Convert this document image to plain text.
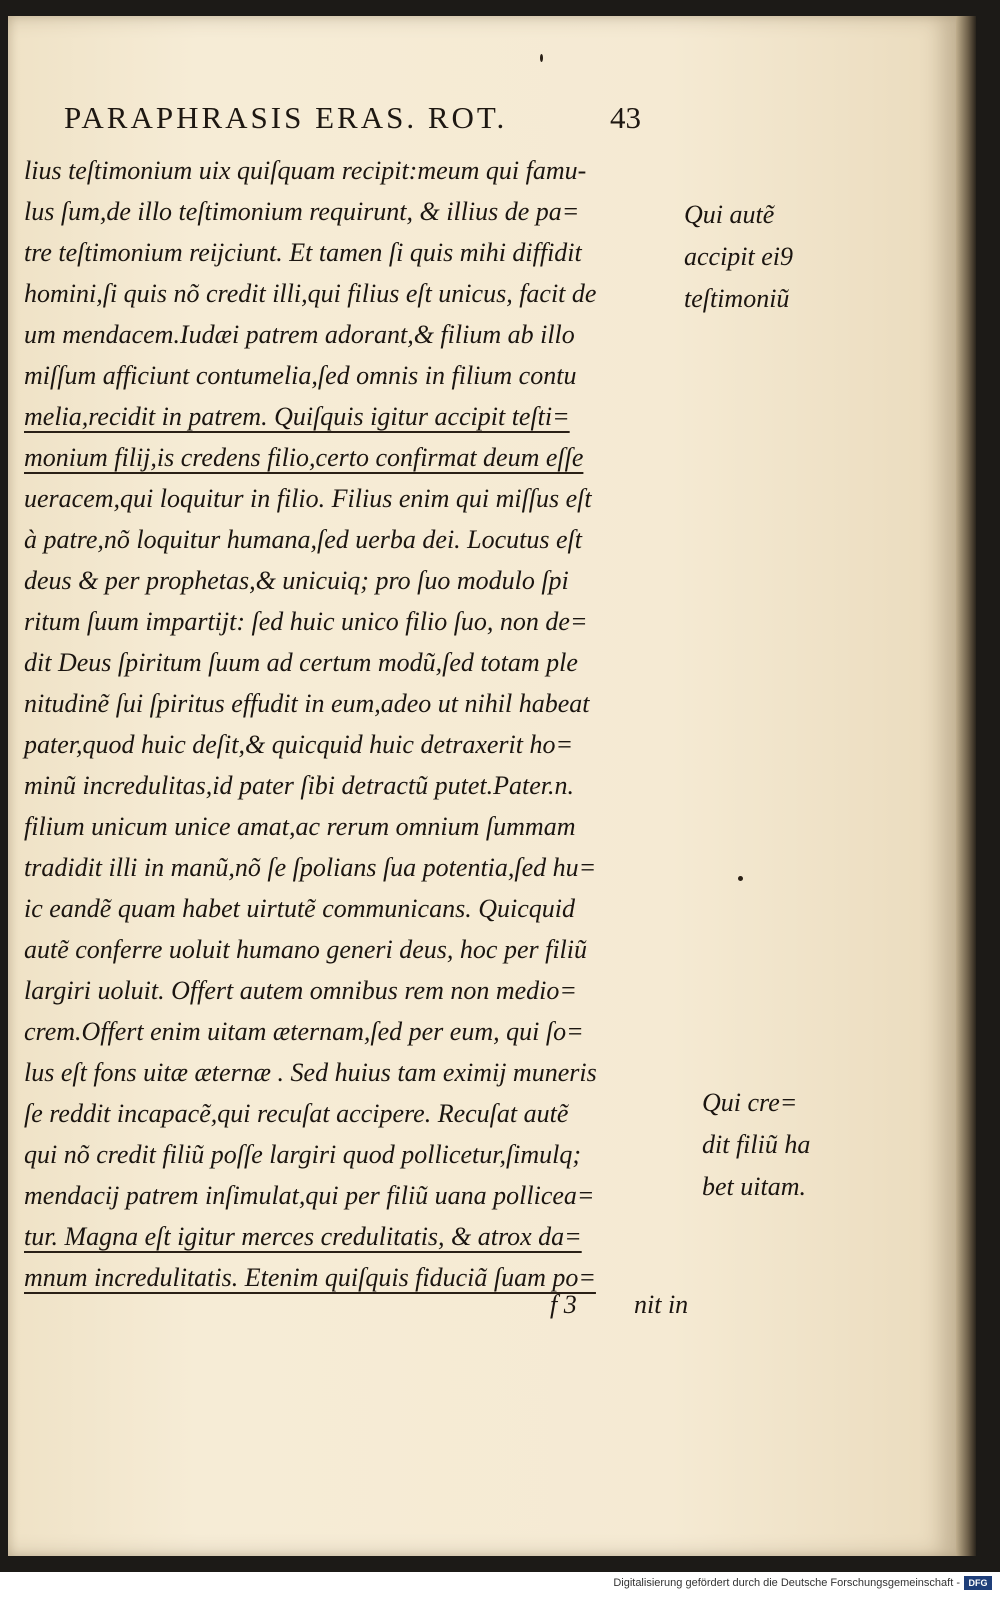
PARAPHRASIS ERAS. ROT.	43
lius teſtimonium uix quiſquam recipit:meum qui famu-
lus ſum,de illo teſtimonium requirunt, & illius de pa=
tre teſtimonium reijciunt. Et tamen ſi quis mihi diffidit
homini,ſi quis nõ credit illi,qui filius eſt unicus, facit de
um mendacem.Iudæi patrem adorant,& filium ab illo
miſſum afficiunt contumelia,ſed omnis in filium contu
melia,recidit in patrem. Quiſquis igitur accipit teſti=
monium filij,is credens filio,certo confirmat deum eſſe
ueracem,qui loquitur in filio. Filius enim qui miſſus eſt
à patre,nõ loquitur humana,ſed uerba dei. Locutus eſt
deus & per prophetas,& unicuiq; pro ſuo modulo ſpi
ritum ſuum impartijt: ſed huic unico filio ſuo, non de=
dit Deus ſpiritum ſuum ad certum modũ,ſed totam ple
nitudinẽ ſui ſpiritus effudit in eum,adeo ut nihil habeat
pater,quod huic deſit,& quicquid huic detraxerit ho=
minũ incredulitas,id pater ſibi detractũ putet.Pater.n.
filium unicum unice amat,ac rerum omnium ſummam
tradidit illi in manũ,nõ ſe ſpolians ſua potentia,ſed hu=
ic eandẽ quam habet uirtutẽ communicans. Quicquid
autẽ conferre uoluit humano generi deus, hoc per filiũ
largiri uoluit. Offert autem omnibus rem non medio=
crem.Offert enim uitam æternam,ſed per eum, qui ſo=
lus eſt fons uitæ æternæ . Sed huius tam eximij muneris
ſe reddit incapacẽ,qui recuſat accipere. Recuſat autẽ
qui nõ credit filiũ poſſe largiri quod pollicetur,ſimulq;
mendacij patrem inſimulat,qui per filiũ uana pollicea=
tur. Magna eſt igitur merces credulitatis, & atrox da=
mnum incredulitatis. Etenim quiſquis fiduciã ſuam po=
Qui autẽ
accipit ei9
teſtimoniũ
Qui cre=
dit filiũ ha
bet uitam.
f 3 nit in
Digitalisierung gefördert durch die Deutsche Forschungsgemeinschaft - DFG
